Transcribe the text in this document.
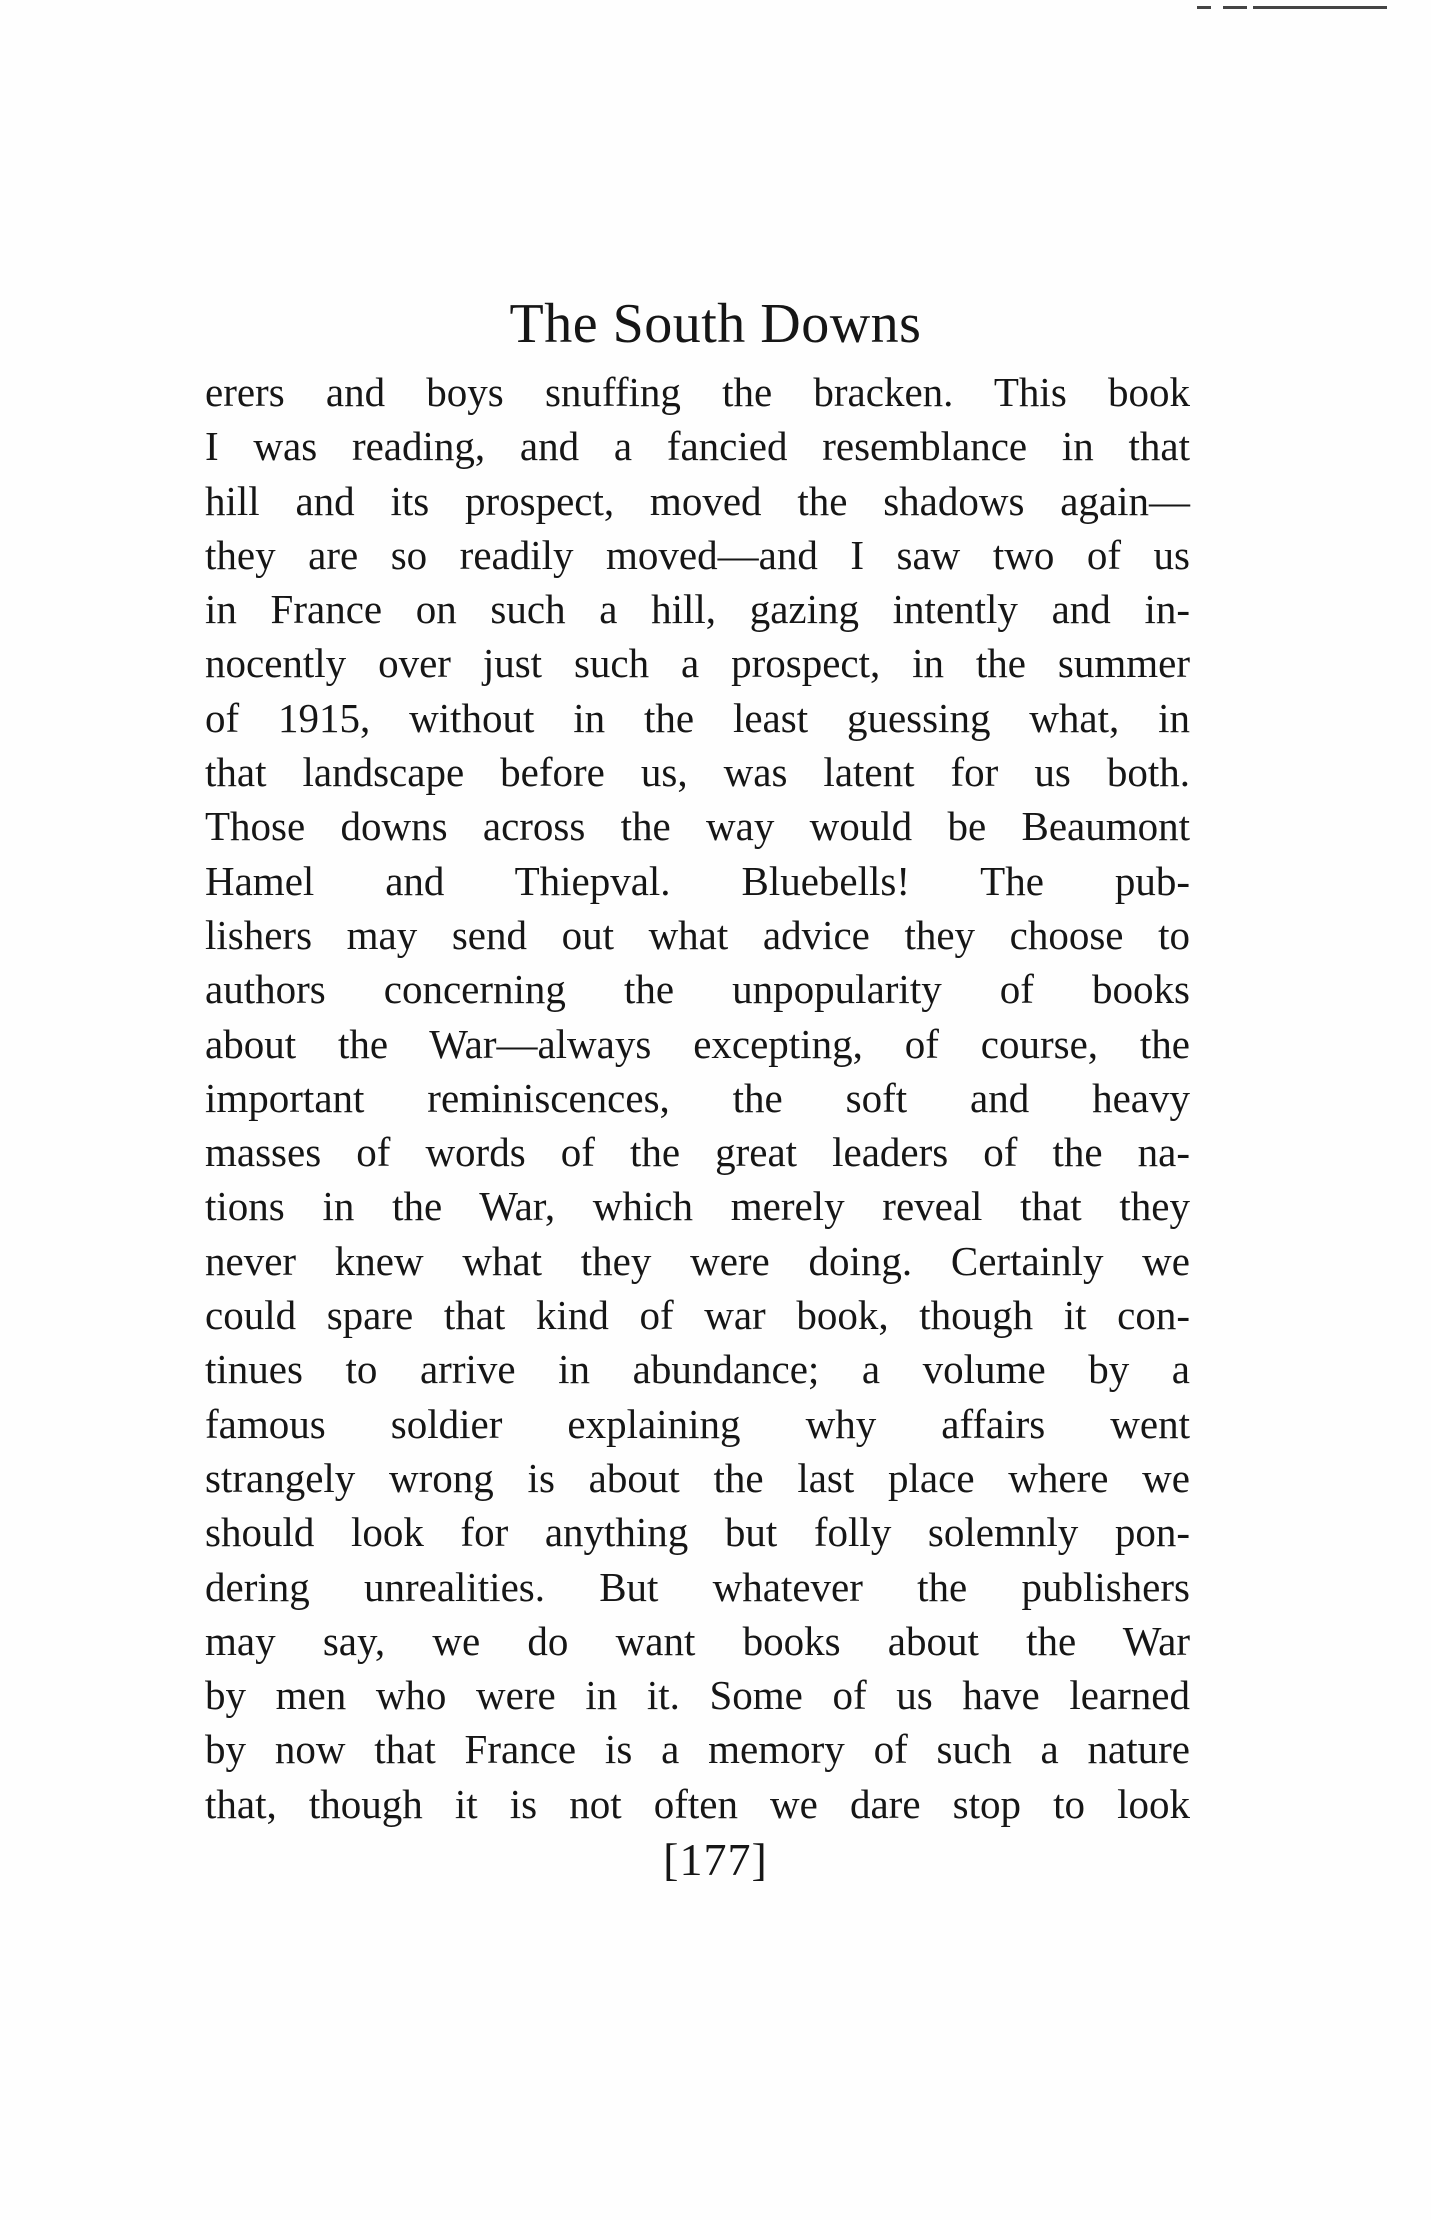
The South Downs
erers and boys snuffing the bracken. This book
I was reading, and a fancied resemblance in that
hill and its prospect, moved the shadows again—
they are so readily moved—and I saw two of us
in France on such a hill, gazing intently and in-
nocently over just such a prospect, in the summer
of 1915, without in the least guessing what, in
that landscape before us, was latent for us both.
Those downs across the way would be Beaumont
Hamel and Thiepval. Bluebells! The pub-
lishers may send out what advice they choose to
authors concerning the unpopularity of books
about the War—always excepting, of course, the
important reminiscences, the soft and heavy
masses of words of the great leaders of the na-
tions in the War, which merely reveal that they
never knew what they were doing. Certainly we
could spare that kind of war book, though it con-
tinues to arrive in abundance; a volume by a
famous soldier explaining why affairs went
strangely wrong is about the last place where we
should look for anything but folly solemnly pon-
dering unrealities. But whatever the publishers
may say, we do want books about the War
by men who were in it. Some of us have learned
by now that France is a memory of such a nature
that, though it is not often we dare stop to look
[177]
